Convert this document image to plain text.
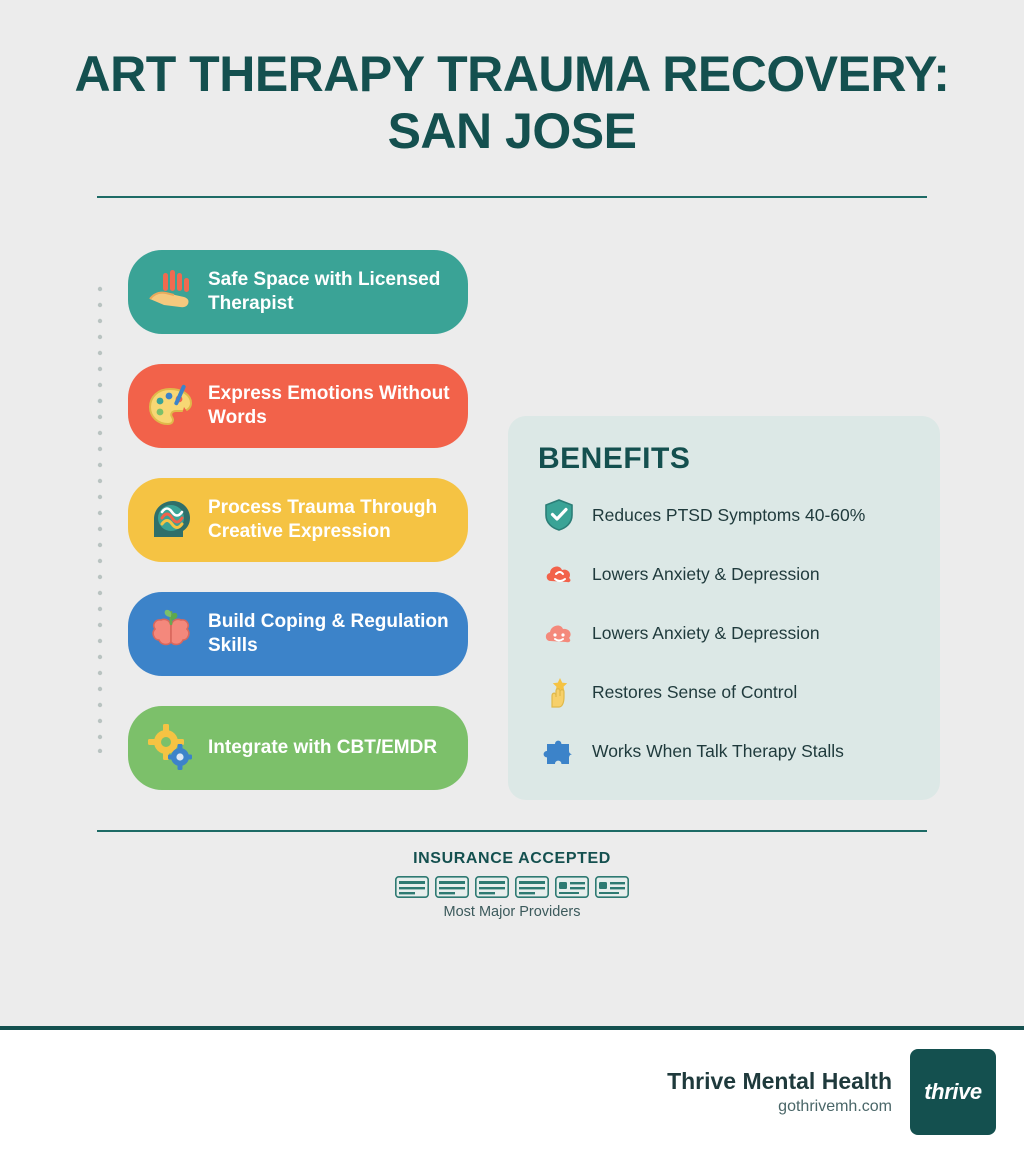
ART THERAPY TRAUMA RECOVERY: SAN JOSE
Safe Space with Licensed Therapist
Express Emotions Without Words
Process Trauma Through Creative Expression
Build Coping & Regulation Skills
Integrate with CBT/EMDR
BENEFITS
Reduces PTSD Symptoms 40-60%
Lowers Anxiety & Depression
Lowers Anxiety & Depression
Restores Sense of Control
Works When Talk Therapy Stalls
INSURANCE ACCEPTED
Most Major Providers
Thrive Mental Health
gothrivemh.com
thrive
